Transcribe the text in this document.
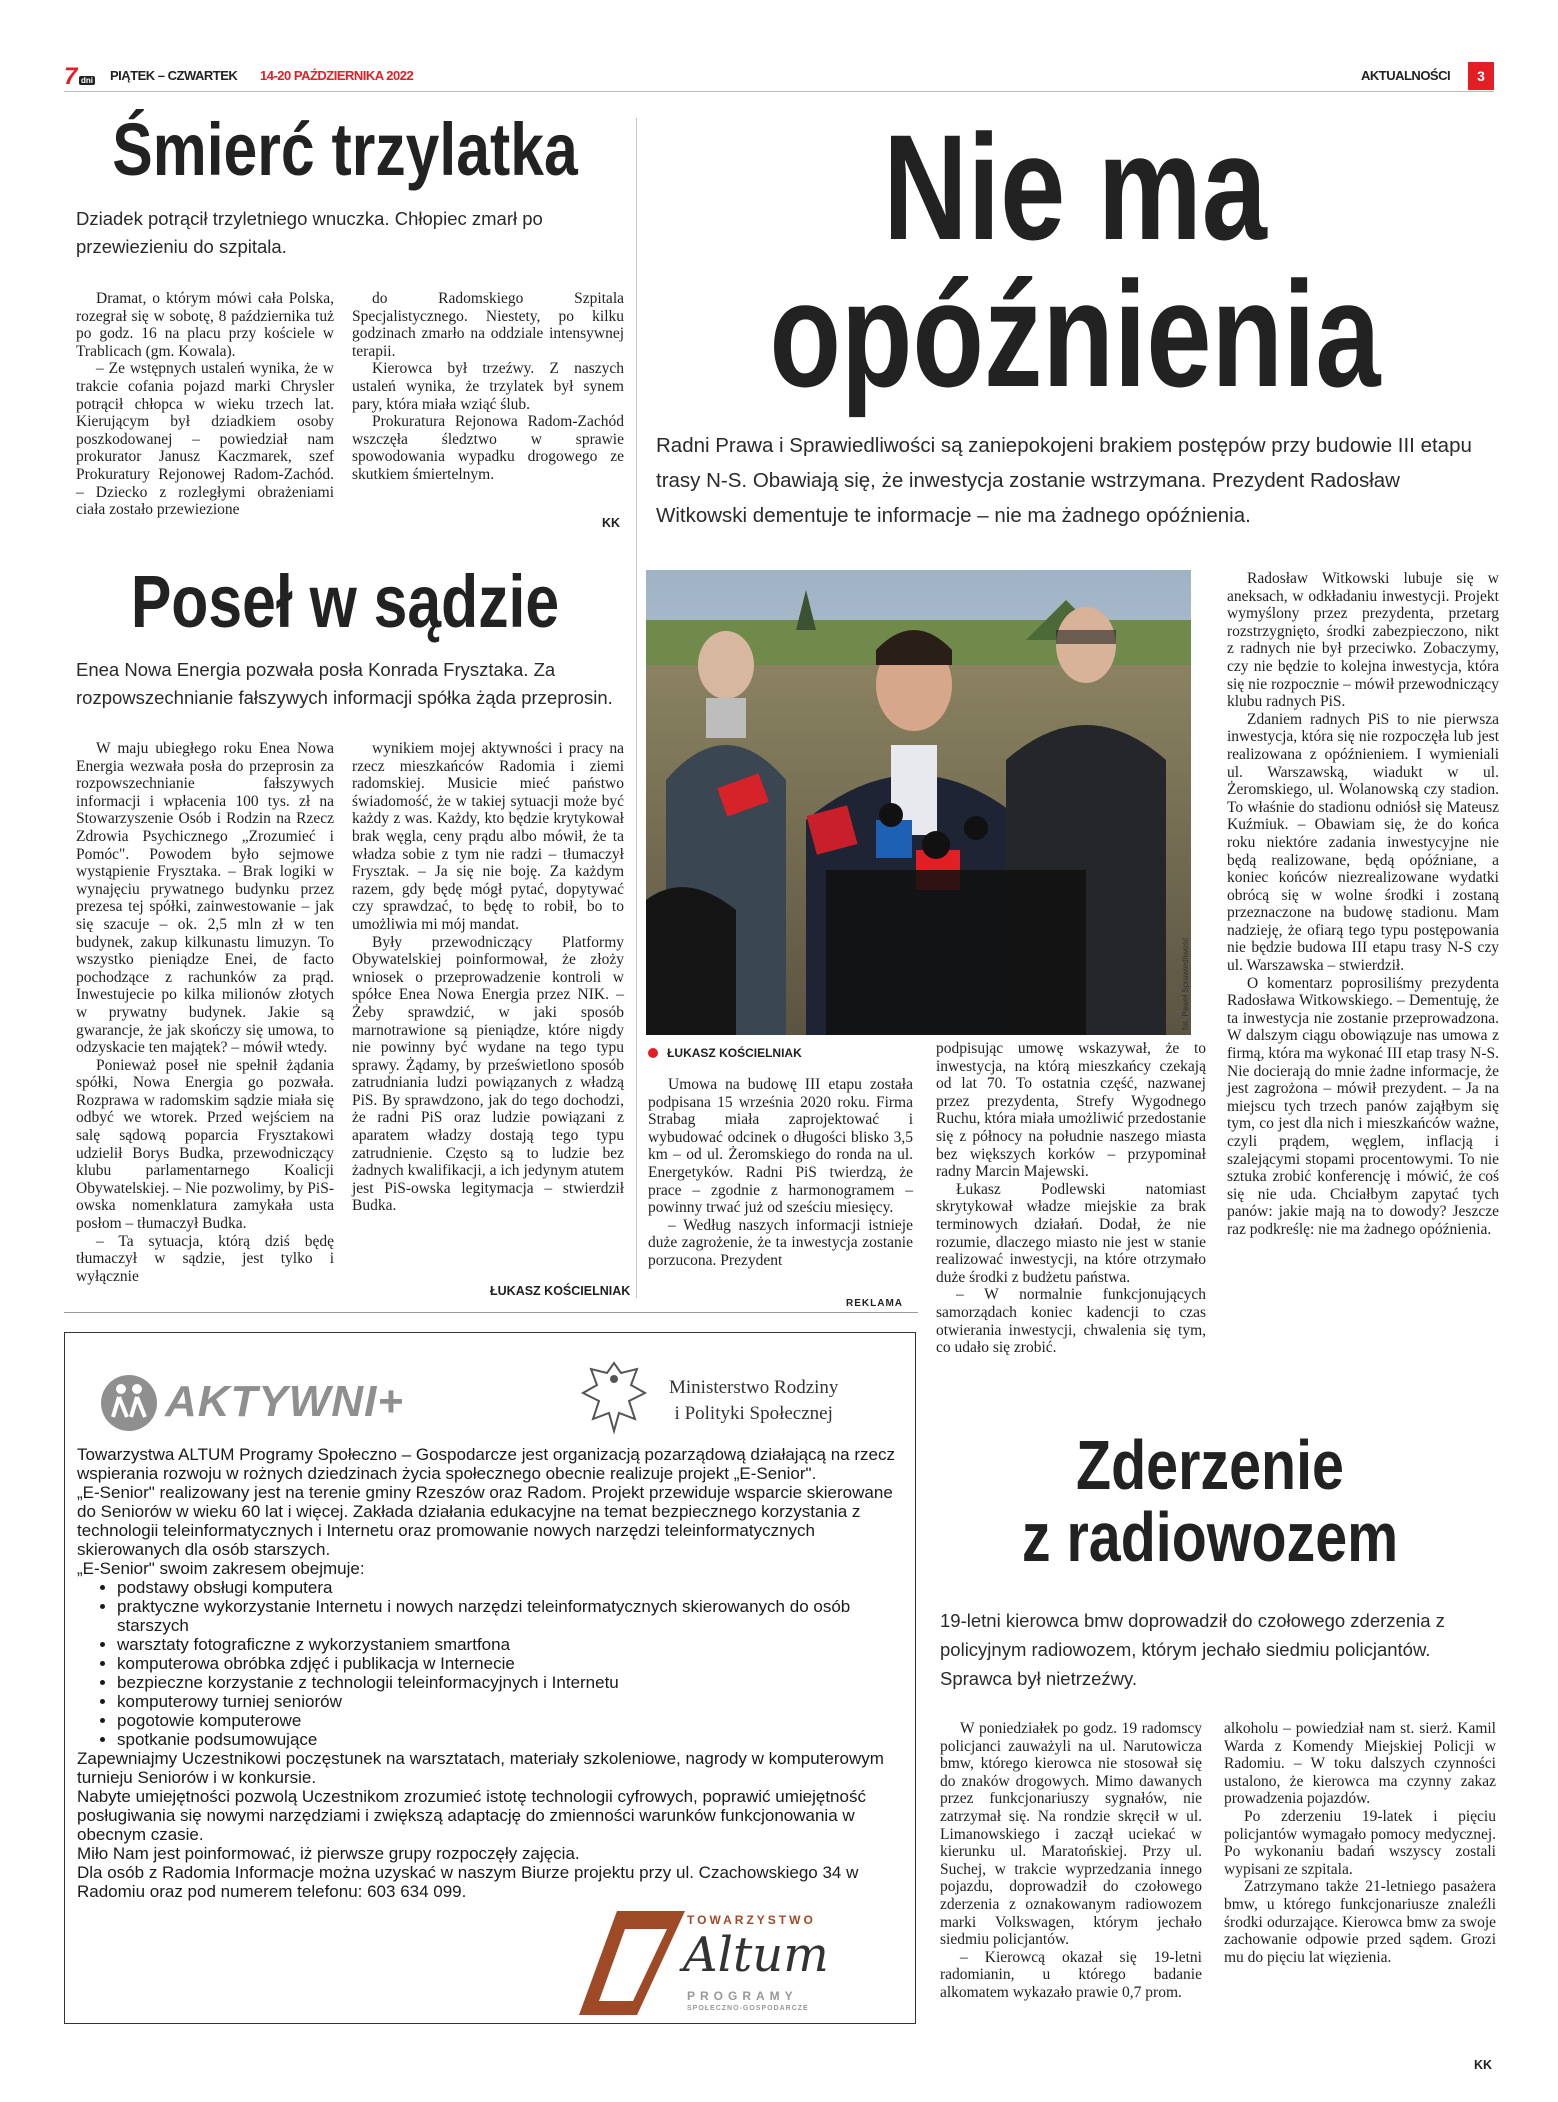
7 dni PIĄTEK – CZWARTEK 14-20 PAŹDZIERNIKA 2022	AKTUALNOŚCI	3
Śmierć trzylatka

Dziadek potrącił trzyletniego wnuczka. Chłopiec zmarł po przewiezieniu do szpitala.

Dramat, o którym mówi cała Polska, rozegrał się w sobotę, 8 października tuż po godz. 16 na placu przy kościele w Trablicach (gm. Kowala).

– Ze wstępnych ustaleń wynika, że w trakcie cofania pojazd marki Chrysler potrącił chłopca w wieku trzech lat. Kierującym był dziadkiem osoby poszkodowanej – powiedział nam prokurator Janusz Kaczmarek, szef Prokuratury Rejonowej Radom-Zachód. – Dziecko z rozległymi obrażeniami ciała zostało przewiezione

do Radomskiego Szpitala Specjalistycznego. Niestety, po kilku godzinach zmarło na oddziale intensywnej terapii.

Kierowca był trzeźwy. Z naszych ustaleń wynika, że trzylatek był synem pary, która miała wziąć ślub.

Prokuratura Rejonowa Radom-Zachód wszczęła śledztwo w sprawie spowodowania wypadku drogowego ze skutkiem śmiertelnym.

KK
Poseł w sądzie

Enea Nowa Energia pozwała posła Konrada Frysztaka. Za rozpowszechnianie fałszywych informacji spółka żąda przeprosin.

W maju ubiegłego roku Enea Nowa Energia wezwała posła do przeprosin za rozpowszechnianie fałszywych informacji i wpłacenia 100 tys. zł na Stowarzyszenie Osób i Rodzin na Rzecz Zdrowia Psychicznego „Zrozumieć i Pomóc". Powodem było sejmowe wystąpienie Frysztaka. – Brak logiki w wynajęciu prywatnego budynku przez prezesa tej spółki, zainwestowanie – jak się szacuje – ok. 2,5 mln zł w ten budynek, zakup kilkunastu limuzyn. To wszystko pieniądze Enei, de facto pochodzące z rachunków za prąd. Inwestujecie po kilka milionów złotych w prywatny budynek. Jakie są gwarancje, że jak skończy się umowa, to odzyskacie ten majątek? – mówił wtedy.

Ponieważ poseł nie spełnił żądania spółki, Nowa Energia go pozwała. Rozprawa w radomskim sądzie miała się odbyć we wtorek. Przed wejściem na salę sądową poparcia Frysztakowi udzielił Borys Budka, przewodniczący klubu parlamentarnego Koalicji Obywatelskiej. – Nie pozwolimy, by PiS-owska nomenklatura zamykała usta posłom – tłumaczył Budka.

– Ta sytuacja, którą dziś będę tłumaczył w sądzie, jest tylko i wyłącznie

wynikiem mojej aktywności i pracy na rzecz mieszkańców Radomia i ziemi radomskiej. Musicie mieć państwo świadomość, że w takiej sytuacji może być każdy z was. Każdy, kto będzie krytykował brak węgla, ceny prądu albo mówił, że ta władza sobie z tym nie radzi – tłumaczył Frysztak. – Ja się nie boję. Za każdym razem, gdy będę mógł pytać, dopytywać czy sprawdzać, to będę to robił, bo to umożliwia mi mój mandat.

Były przewodniczący Platformy Obywatelskiej poinformował, że złoży wniosek o przeprowadzenie kontroli w spółce Enea Nowa Energia przez NIK. – Żeby sprawdzić, w jaki sposób marnotrawione są pieniądze, które nigdy nie powinny być wydane na tego typu sprawy. Żądamy, by prześwietlono sposób zatrudniania ludzi powiązanych z władzą PiS. By sprawdzono, jak do tego dochodzi, że radni PiS oraz ludzie powiązani z aparatem władzy dostają tego typu zatrudnienie. Często są to ludzie bez żadnych kwalifikacji, a ich jedynym atutem jest PiS-owska legitymacja – stwierdził Budka.

ŁUKASZ KOŚCIELNIAK
Nie ma
opóźnienia

Radni Prawa i Sprawiedliwości są zaniepokojeni brakiem postępów przy budowie III etapu trasy N-S. Obawiają się, że inwestycja zostanie wstrzymana. Prezydent Radosław Witkowski dementuje te informacje – nie ma żadnego opóźnienia.

fot. Paweł Sprawiedliwość
ŁUKASZ KOŚCIELNIAK

Umowa na budowę III etapu została podpisana 15 września 2020 roku. Firma Strabag miała zaprojektować i wybudować odcinek o długości blisko 3,5 km – od ul. Żeromskiego do ronda na ul. Energetyków. Radni PiS twierdzą, że prace – zgodnie z harmonogramem – powinny trwać już od sześciu miesięcy.

– Według naszych informacji istnieje duże zagrożenie, że ta inwestycja zostanie porzucona. Prezydent

podpisując umowę wskazywał, że to inwestycja, na którą mieszkańcy czekają od lat 70. To ostatnia część, nazwanej przez prezydenta, Strefy Wygodnego Ruchu, która miała umożliwić przedostanie się z północy na południe naszego miasta bez większych korków – przypominał radny Marcin Majewski.

Łukasz Podlewski natomiast skrytykował władze miejskie za brak terminowych działań. Dodał, że nie rozumie, dlaczego miasto nie jest w stanie realizować inwestycji, na które otrzymało duże środki z budżetu państwa.

– W normalnie funkcjonujących samorządach koniec kadencji to czas otwierania inwestycji, chwalenia się tym, co udało się zrobić.

Radosław Witkowski lubuje się w aneksach, w odkładaniu inwestycji. Projekt wymyślony przez prezydenta, przetarg rozstrzygnięto, środki zabezpieczono, nikt z radnych nie był przeciwko. Zobaczymy, czy nie będzie to kolejna inwestycja, która się nie rozpocznie – mówił przewodniczący klubu radnych PiS.

Zdaniem radnych PiS to nie pierwsza inwestycja, która się nie rozpoczęła lub jest realizowana z opóźnieniem. I wymieniali ul. Warszawską, wiadukt w ul. Żeromskiego, ul. Wolanowską czy stadion. To właśnie do stadionu odniósł się Mateusz Kuźmiuk. – Obawiam się, że do końca roku niektóre zadania inwestycyjne nie będą realizowane, będą opóźniane, a koniec końców niezrealizowane wydatki obrócą się w wolne środki i zostaną przeznaczone na budowę stadionu. Mam nadzieję, że ofiarą tego typu postępowania nie będzie budowa III etapu trasy N-S czy ul. Warszawska – stwierdził.

O komentarz poprosiliśmy prezydenta Radosława Witkowskiego. – Dementuję, że ta inwestycja nie zostanie przeprowadzona. W dalszym ciągu obowiązuje nas umowa z firmą, która ma wykonać III etap trasy N-S. Nie docierają do mnie żadne informacje, że jest zagrożona – mówił prezydent. – Ja na miejscu tych trzech panów zająłbym się tym, co jest dla nich i mieszkańców ważne, czyli prądem, węglem, inflacją i szalejącymi stopami procentowymi. To nie sztuka zrobić konferencję i mówić, że coś się nie uda. Chciałbym zapytać tych panów: jakie mają na to dowody? Jeszcze raz podkreślę: nie ma żadnego opóźnienia.

REKLAMA
AKTYWNI+	Ministerstwo Rodziny
i Polityki Społecznej
Towarzystwa ALTUM Programy Społeczno – Gospodarcze jest organizacją pozarządową działającą na rzecz wspierania rozwoju w rożnych dziedzinach życia społecznego obecnie realizuje projekt „E-Senior".
„E-Senior" realizowany jest na terenie gminy Rzeszów oraz Radom. Projekt przewiduje wsparcie skierowane do Seniorów w wieku 60 lat i więcej. Zakłada działania edukacyjne na temat bezpiecznego korzystania z technologii teleinformatycznych i Internetu oraz promowanie nowych narzędzi teleinformatycznych skierowanych dla osób starszych.
„E-Senior" swoim zakresem obejmuje:
• podstawy obsługi komputera
• praktyczne wykorzystanie Internetu i nowych narzędzi teleinformatycznych skierowanych do osób starszych
• warsztaty fotograficzne z wykorzystaniem smartfona
• komputerowa obróbka zdjęć i publikacja w Internecie
• bezpieczne korzystanie z technologii teleinformacyjnych i Internetu
• komputerowy turniej seniorów
• pogotowie komputerowe
• spotkanie podsumowujące
Zapewniajmy Uczestnikowi poczęstunek na warsztatach, materiały szkoleniowe, nagrody w komputerowym turnieju Seniorów i w konkursie.
Nabyte umiejętności pozwolą Uczestnikom zrozumieć istotę technologii cyfrowych, poprawić umiejętność posługiwania się nowymi narzędziami i zwiększą adaptację do zmienności warunków funkcjonowania w obecnym czasie.
Miło Nam jest poinformować, iż pierwsze grupy rozpoczęły zajęcia.
Dla osób z Radomia Informacje można uzyskać w naszym Biurze projektu przy ul. Czachowskiego 34 w Radomiu oraz pod numerem telefonu: 603 634 099.
TOWARZYSTWO
Altum
PROGRAMY
SPOŁECZNO-GOSPODARCZE
Zderzenie
z radiowozem

19-letni kierowca bmw doprowadził do czołowego zderzenia z policyjnym radiowozem, którym jechało siedmiu policjantów. Sprawca był nietrzeźwy.

W poniedziałek po godz. 19 radomscy policjanci zauważyli na ul. Narutowicza bmw, którego kierowca nie stosował się do znaków drogowych. Mimo dawanych przez funkcjonariuszy sygnałów, nie zatrzymał się. Na rondzie skręcił w ul. Limanowskiego i zaczął uciekać w kierunku ul. Maratońskiej. Przy ul. Suchej, w trakcie wyprzedzania innego pojazdu, doprowadził do czołowego zderzenia z oznakowanym radiowozem marki Volkswagen, którym jechało siedmiu policjantów.

– Kierowcą okazał się 19-letni radomianin, u którego badanie alkomatem wykazało prawie 0,7 prom.

alkoholu – powiedział nam st. sierż. Kamil Warda z Komendy Miejskiej Policji w Radomiu. – W toku dalszych czynności ustalono, że kierowca ma czynny zakaz prowadzenia pojazdów.

Po zderzeniu 19-latek i pięciu policjantów wymagało pomocy medycznej. Po wykonaniu badań wszyscy zostali wypisani ze szpitala.

Zatrzymano także 21-letniego pasażera bmw, u którego funkcjonariusze znaleźli środki odurzające. Kierowca bmw za swoje zachowanie odpowie przed sądem. Grozi mu do pięciu lat więzienia.

KK
